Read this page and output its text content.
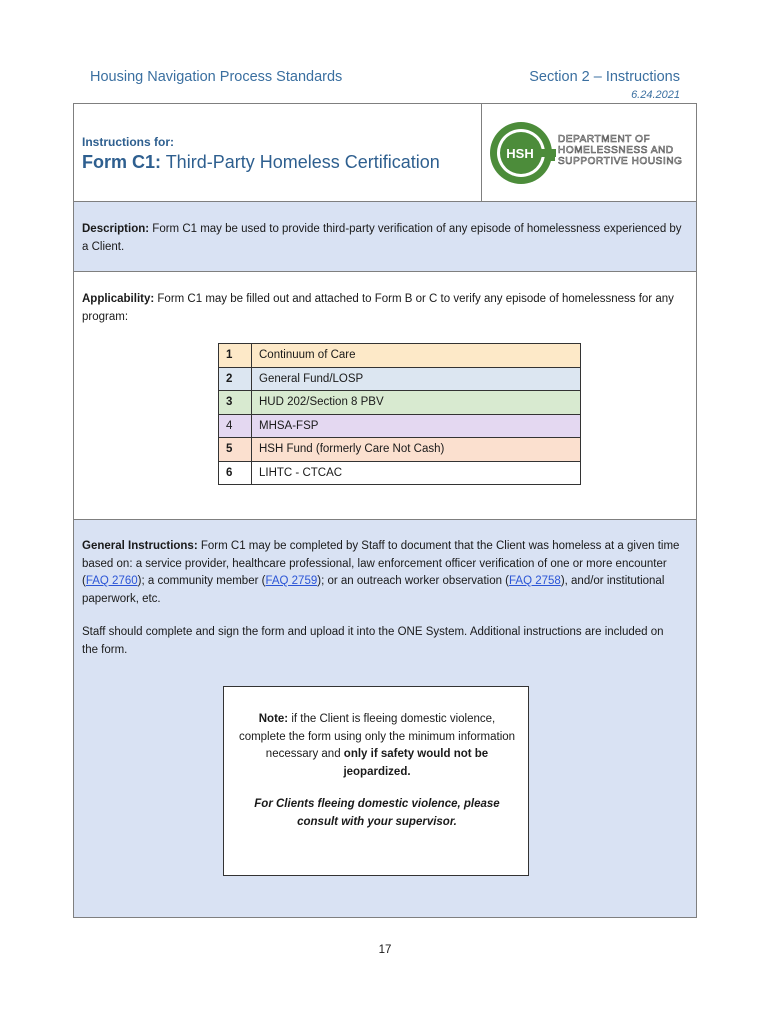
Housing Navigation Process Standards	Section 2 – Instructions
6.24.2021
Instructions for:
Form C1: Third-Party Homeless Certification	HSH
DEPARTMENT OF
HOMELESSNESS AND
SUPPORTIVE HOUSING

Description: Form C1 may be used to provide third-party verification of any episode of homelessness experienced by a Client.

Applicability: Form C1 may be filled out and attached to Form B or C to verify any episode of homelessness for any program:

1	Continuum of Care
2	General Fund/LOSP
3	HUD 202/Section 8 PBV
4	MHSA-FSP
5	HSH Fund (formerly Care Not Cash)
6	LIHTC - CTCAC

General Instructions: Form C1 may be completed by Staff to document that the Client was homeless at a given time based on: a service provider, healthcare professional, law enforcement officer verification of one or more encounter (FAQ 2760); a community member (FAQ 2759); or an outreach worker observation (FAQ 2758), and/or institutional paperwork, etc.

Staff should complete and sign the form and upload it into the ONE System. Additional instructions are included on the form.

Note: if the Client is fleeing domestic violence, complete the form using only the minimum information necessary and only if safety would not be jeopardized.

For Clients fleeing domestic violence, please consult with your supervisor.

17
